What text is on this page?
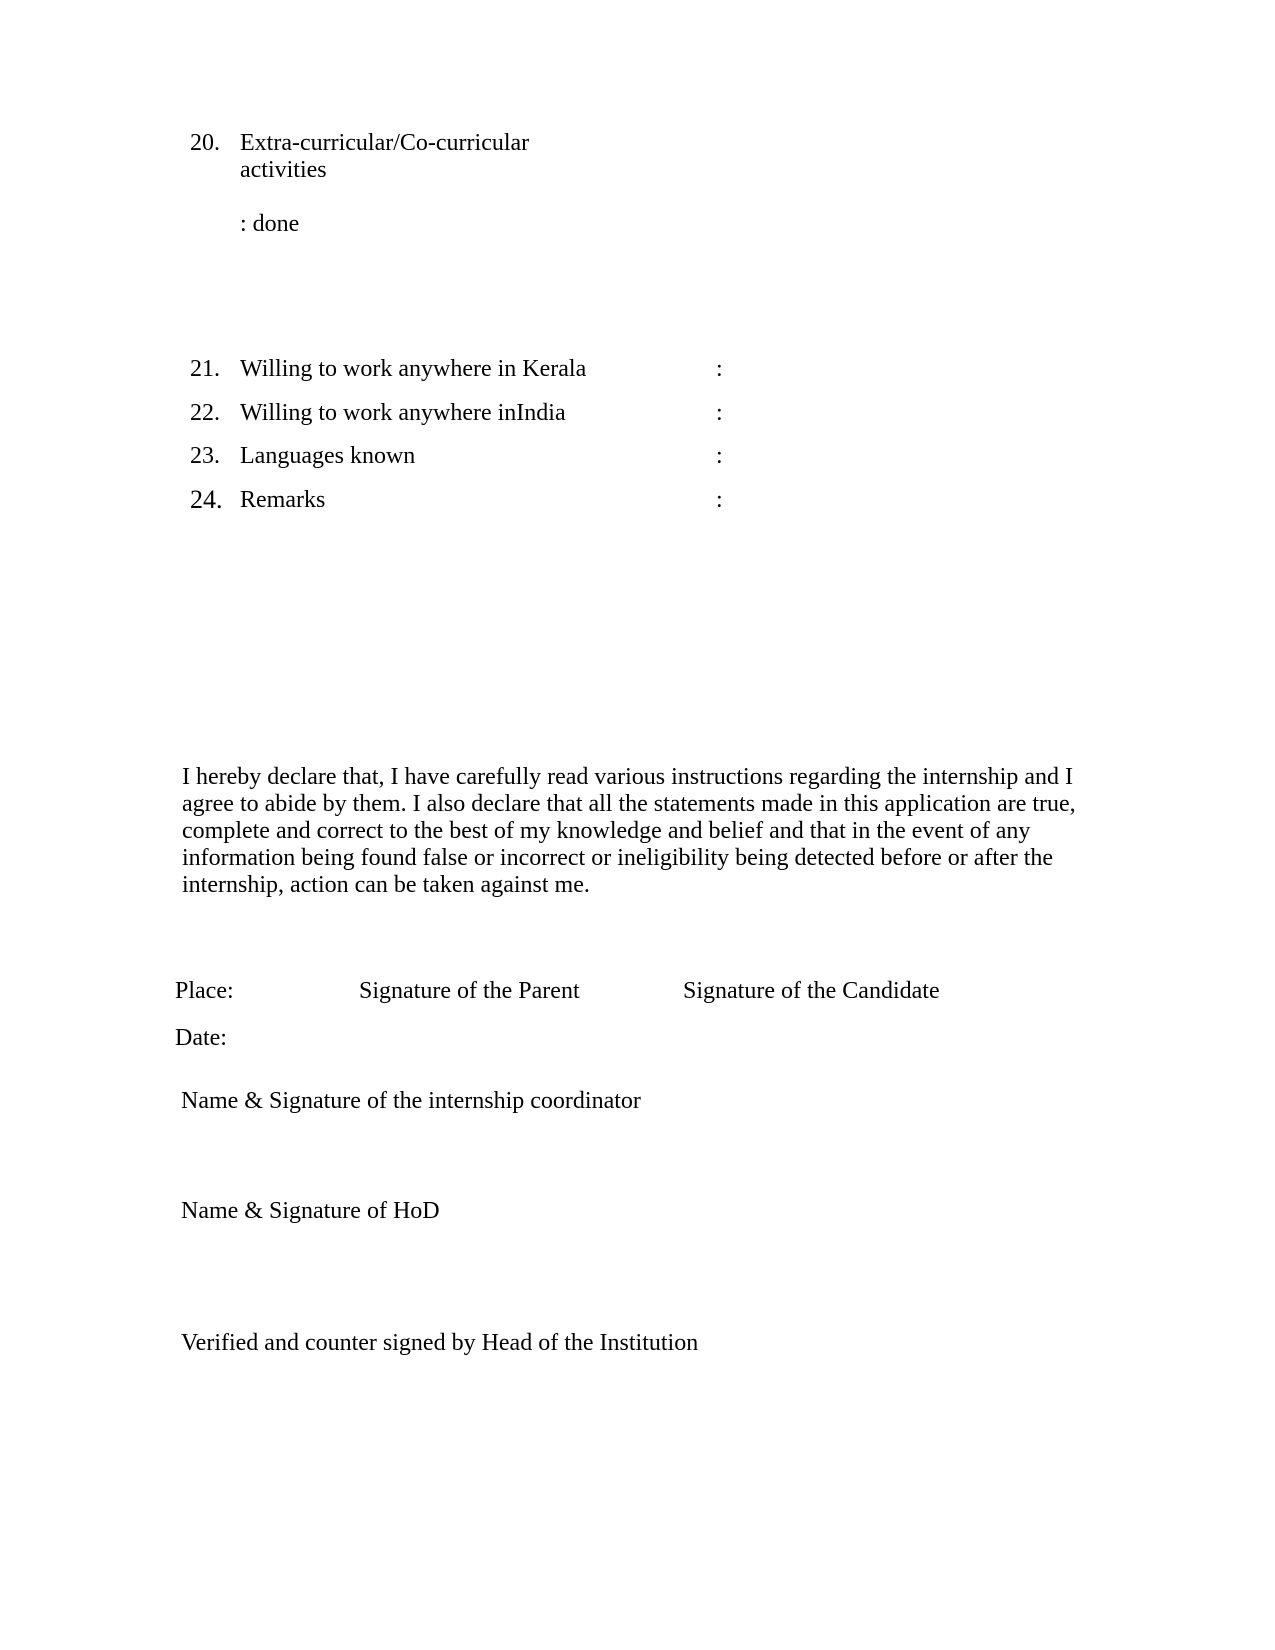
20. Extra-curricular/Co-curricular activities
: done
21. Willing to work anywhere in Kerala	:
22. Willing to work anywhere inIndia	:
23. Languages known	:
24. Remarks	:
I hereby declare that, I have carefully read various instructions regarding the internship and I
agree to abide by them. I also declare that all the statements made in this application are true,
complete and correct to the best of my knowledge and belief and that in the event of any
information being found false or incorrect or ineligibility being detected before or after the
internship, action can be taken against me.
Place:	Signature of the Parent	Signature of the Candidate
Date:
Name & Signature of the internship coordinator
Name & Signature of HoD
Verified and counter signed by Head of the Institution
